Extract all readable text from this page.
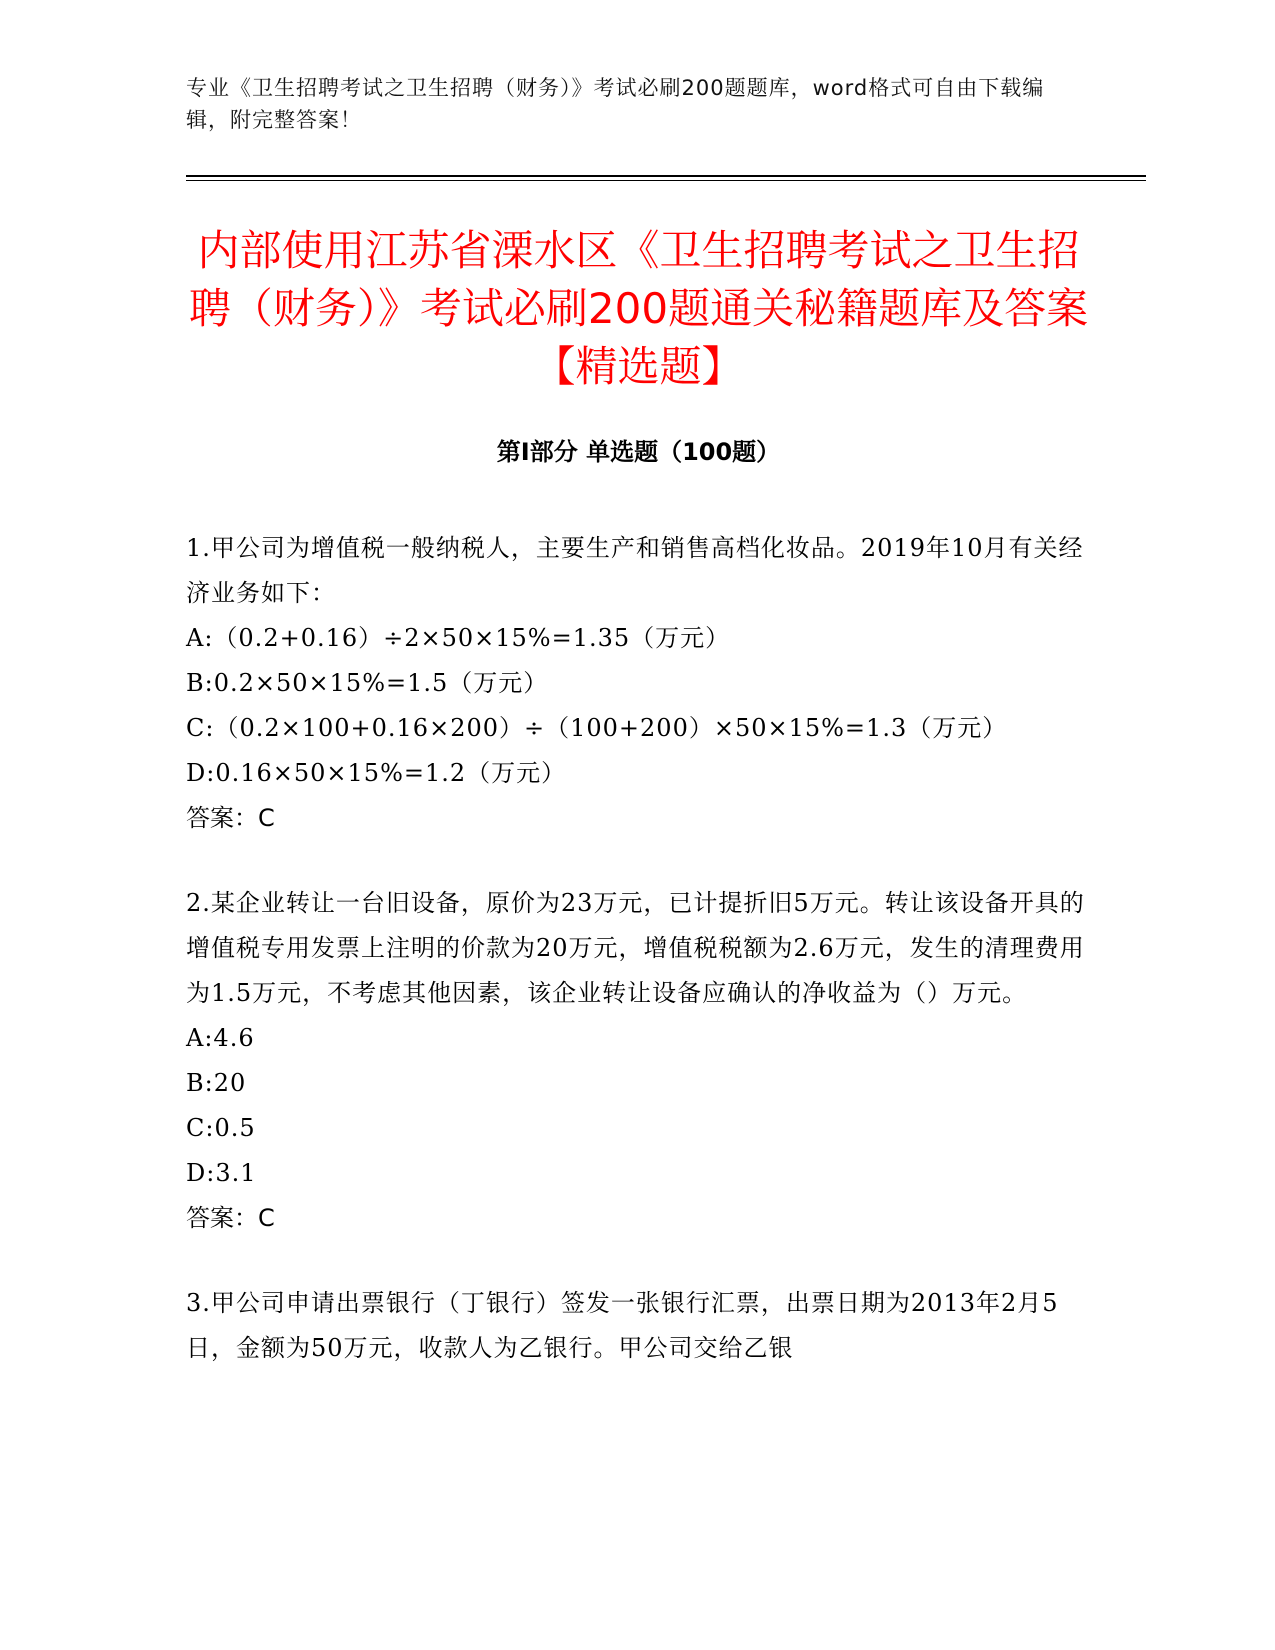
专业《卫生招聘考试之卫生招聘（财务）》考试必刷200题题库，word格式可自由下载编辑，附完整答案！
内部使用江苏省溧水区《卫生招聘考试之卫生招聘（财务）》考试必刷200题通关秘籍题库及答案【精选题】
第Ⅰ部分 单选题（100题）

1.甲公司为增值税一般纳税人，主要生产和销售高档化妆品。2019年10月有关经济业务如下：

A:（0.2+0.16）÷2×50×15%=1.35（万元）

B:0.2×50×15%=1.5（万元）

C:（0.2×100+0.16×200）÷（100+200）×50×15%=1.3（万元）

D:0.16×50×15%=1.2（万元）

答案：C

2.某企业转让一台旧设备，原价为23万元，已计提折旧5万元。转让该设备开具的增值税专用发票上注明的价款为20万元，增值税税额为2.6万元，发生的清理费用为1.5万元，不考虑其他因素，该企业转让设备应确认的净收益为（）万元。

A:4.6

B:20

C:0.5

D:3.1

答案：C

3.甲公司申请出票银行（丁银行）签发一张银行汇票，出票日期为2013年2月5日，金额为50万元，收款人为乙银行。甲公司交给乙银
